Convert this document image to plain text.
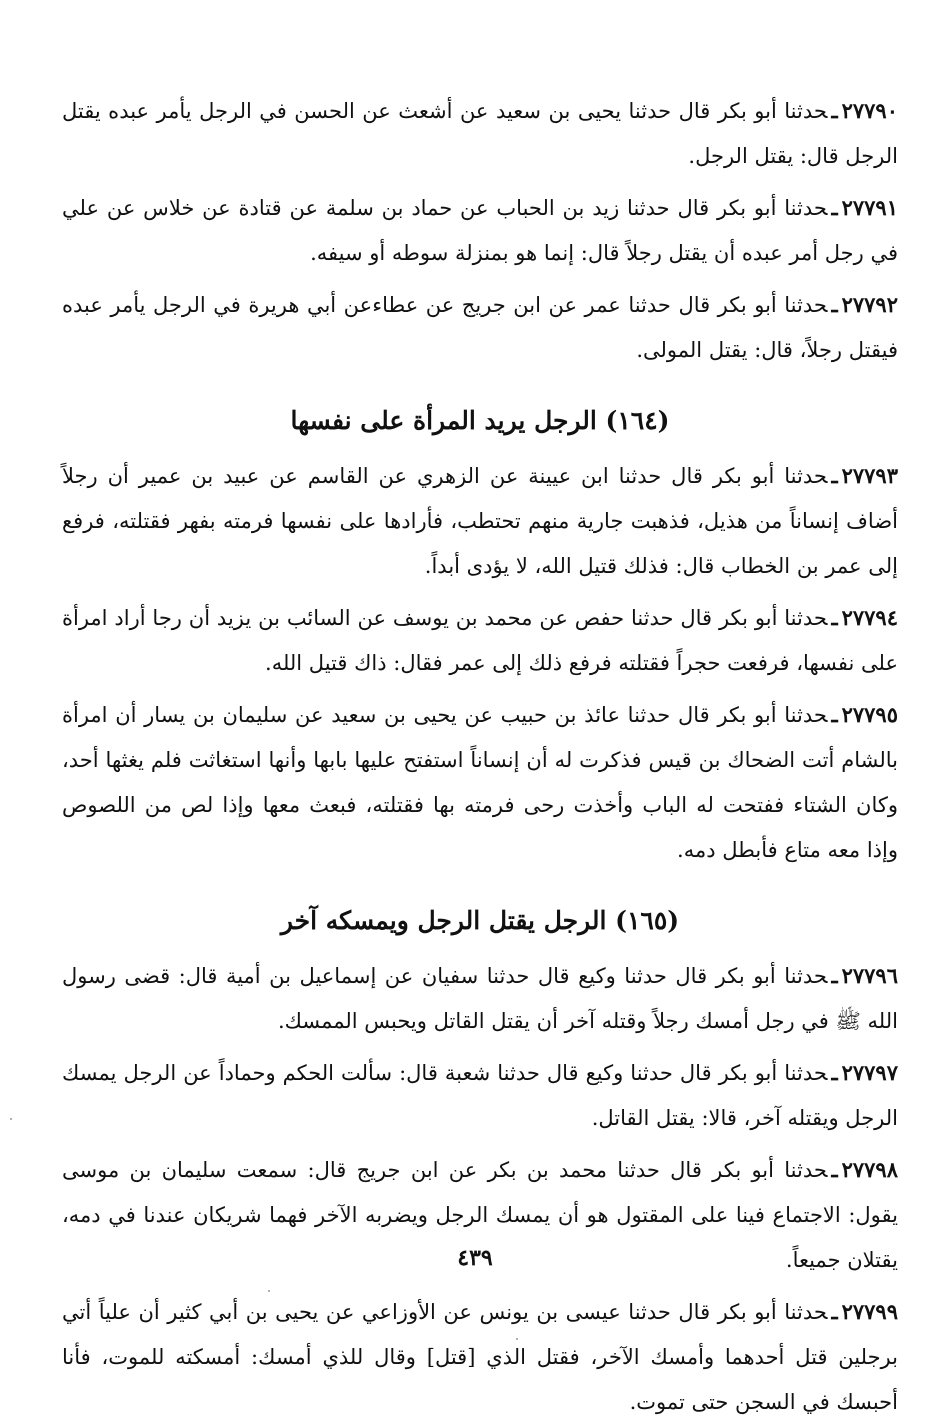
٢٧٧٩٠ـحدثنا أبو بكر قال حدثنا يحيى بن سعيد عن أشعث عن الحسن في الرجل يأمر عبده يقتل الرجل قال: يقتل الرجل.
٢٧٧٩١ـحدثنا أبو بكر قال حدثنا زيد بن الحباب عن حماد بن سلمة عن قتادة عن خلاس عن علي في رجل أمر عبده أن يقتل رجلاً قال: إنما هو بمنزلة سوطه أو سيفه.
٢٧٧٩٢ـحدثنا أبو بكر قال حدثنا عمر عن ابن جريج عن عطاءعن أبي هريرة في الرجل يأمر عبده فيقتل رجلاً، قال: يقتل المولى.
(١٦٤) الرجل يريد المرأة على نفسها
٢٧٧٩٣ـحدثنا أبو بكر قال حدثنا ابن عيينة عن الزهري عن القاسم عن عبيد بن عمير أن رجلاً أضاف إنساناً من هذيل، فذهبت جارية منهم تحتطب، فأرادها على نفسها فرمته بفهر فقتلته، فرفع إلى عمر بن الخطاب قال: فذلك قتيل الله، لا يؤدى أبداً.
٢٧٧٩٤ـحدثنا أبو بكر قال حدثنا حفص عن محمد بن يوسف عن السائب بن يزيد أن رجا أراد امرأة على نفسها، فرفعت حجراً فقتلته فرفع ذلك إلى عمر فقال: ذاك قتيل الله.
٢٧٧٩٥ـحدثنا أبو بكر قال حدثنا عائذ بن حبيب عن يحيى بن سعيد عن سليمان بن يسار أن امرأة بالشام أتت الضحاك بن قيس فذكرت له أن إنساناً استفتح عليها بابها وأنها استغاثت فلم يغثها أحد، وكان الشتاء ففتحت له الباب وأخذت رحى فرمته بها فقتلته، فبعث معها وإذا لص من اللصوص وإذا معه متاع فأبطل دمه.
(١٦٥) الرجل يقتل الرجل ويمسكه آخر
٢٧٧٩٦ـحدثنا أبو بكر قال حدثنا وكيع قال حدثنا سفيان عن إسماعيل بن أمية قال: قضى رسول الله ﷺ في رجل أمسك رجلاً وقتله آخر أن يقتل القاتل ويحبس الممسك.
٢٧٧٩٧ـحدثنا أبو بكر قال حدثنا وكيع قال حدثنا شعبة قال: سألت الحكم وحماداً عن الرجل يمسك الرجل ويقتله آخر، قالا: يقتل القاتل.
٢٧٧٩٨ـحدثنا أبو بكر قال حدثنا محمد بن بكر عن ابن جريج قال: سمعت سليمان بن موسى يقول: الاجتماع فينا على المقتول هو أن يمسك الرجل ويضربه الآخر فهما شريكان عندنا في دمه، يقتلان جميعاً.
٢٧٧٩٩ـحدثنا أبو بكر قال حدثنا عيسى بن يونس عن الأوزاعي عن يحيى بن أبي كثير أن علياً أتي برجلين قتل أحدهما وأمسك الآخر، فقتل الذي [قتل] وقال للذي أمسك: أمسكته للموت، فأنا أحبسك في السجن حتى تموت.
٤٣٩
